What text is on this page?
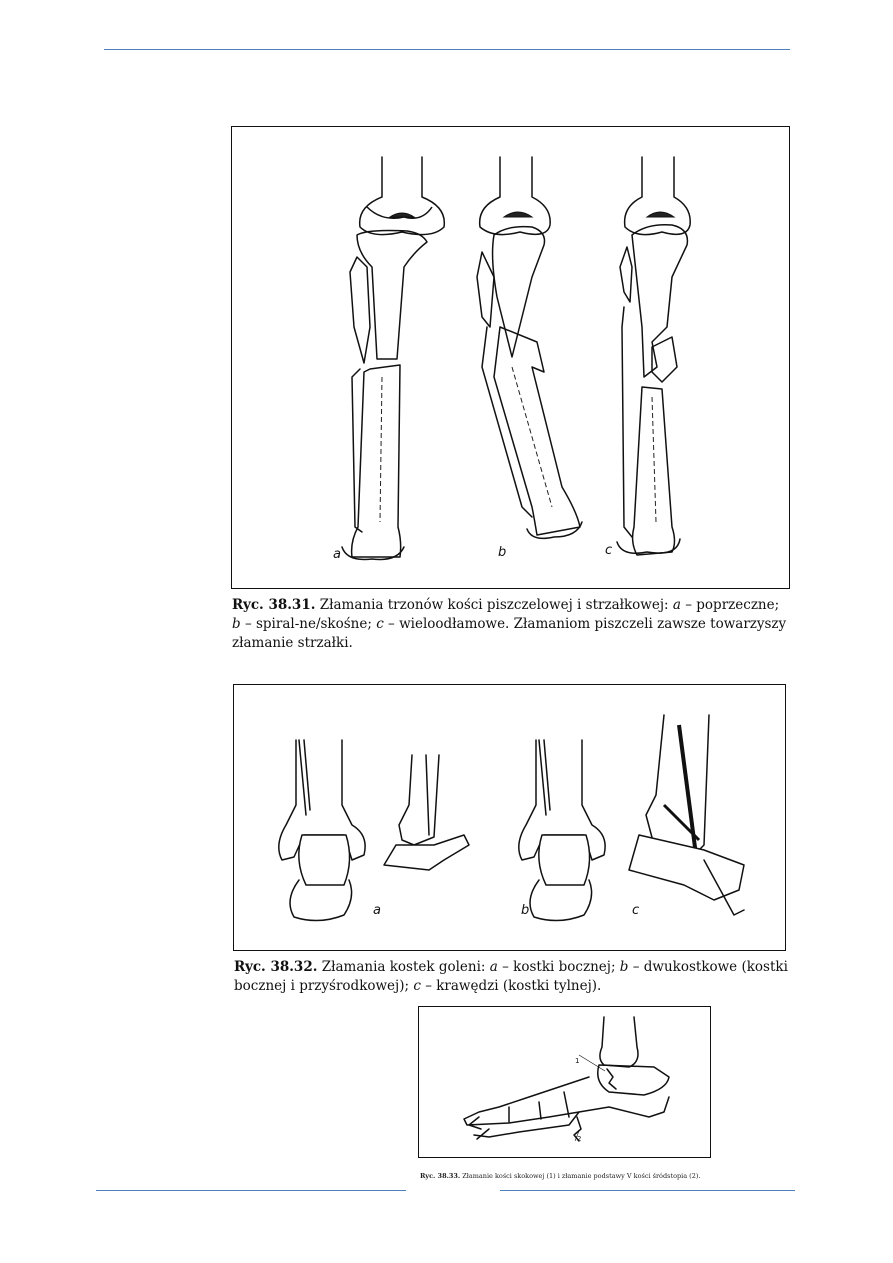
a	b	c
Ryc. 38.31. Złamania trzonów kości piszczelowej i strzałkowej: a – poprzeczne; b – spiral-ne/skośne; c – wieloodłamowe. Złamaniom piszczeli zawsze towarzyszy złamanie strzałki.
a	b	c
Ryc. 38.32. Złamania kostek goleni: a – kostki bocznej; b – dwukostkowe (kostki bocznej i przyśrodkowej); c – krawędzi (kostki tylnej).
1
2
Ryc. 38.33. Złamanie kości skokowej (1) i złamanie podstawy V kości śródstopia (2).
